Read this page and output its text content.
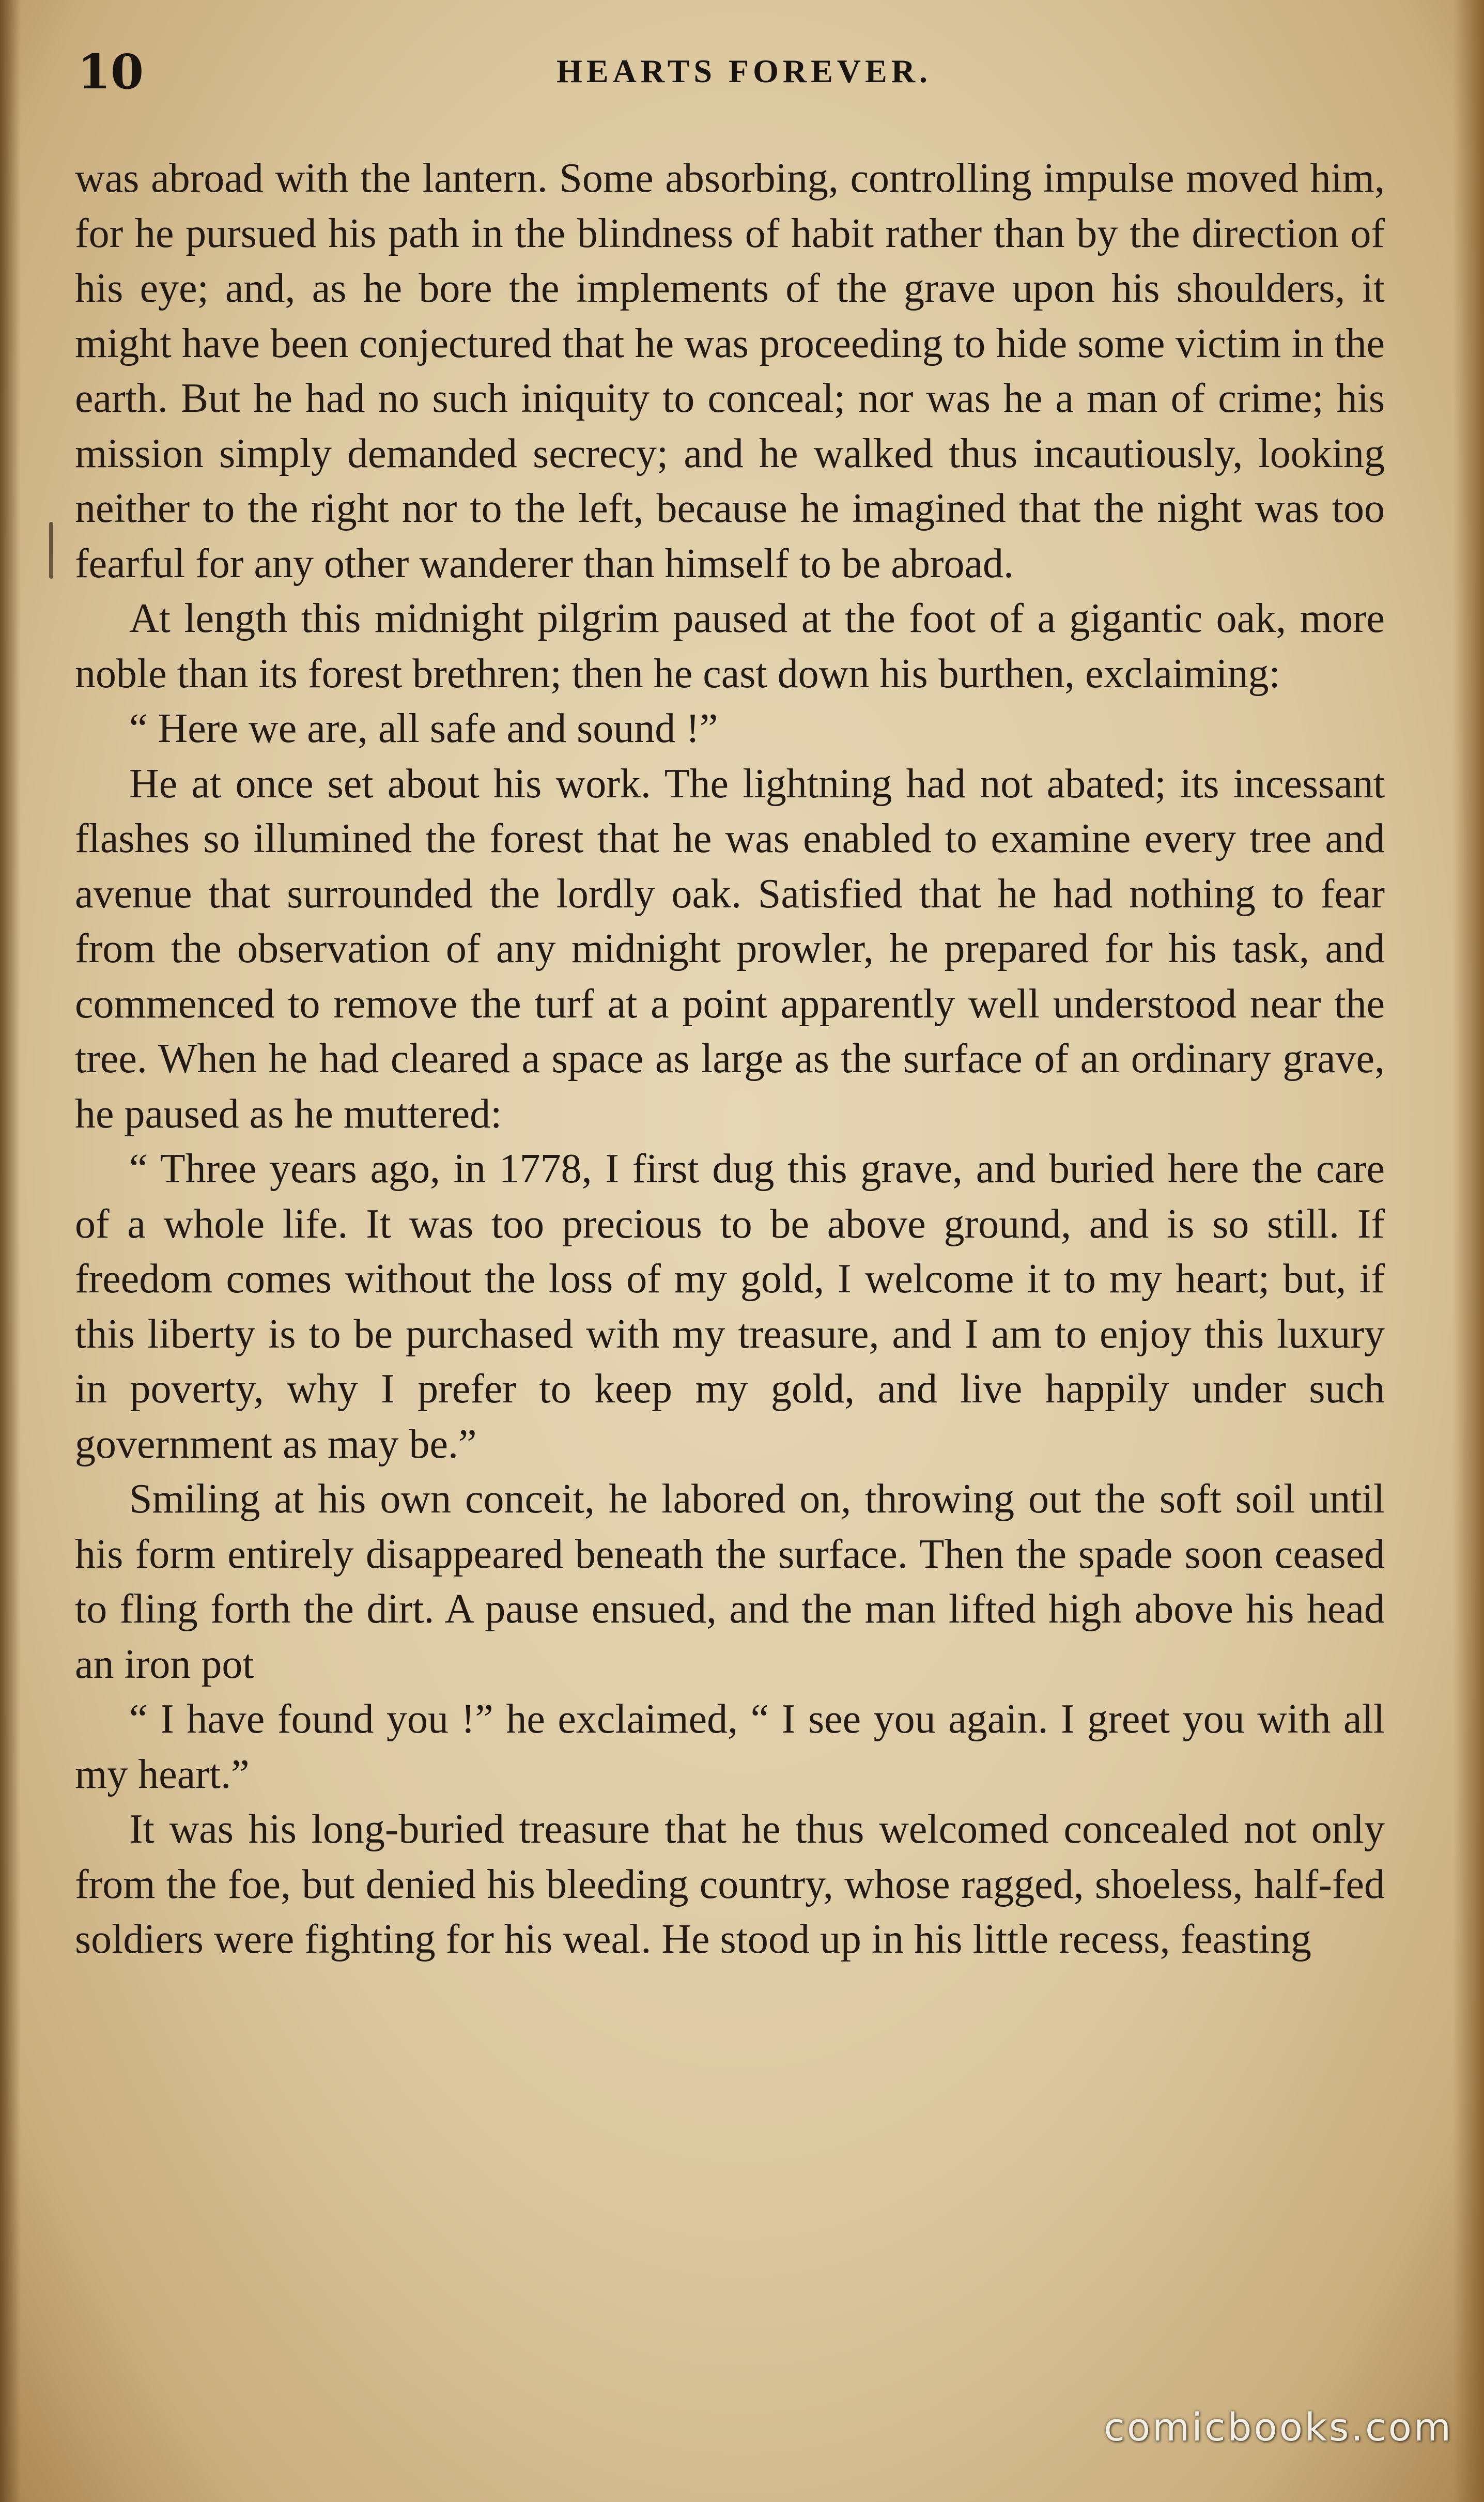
10	HEARTS FOREVER.

was abroad with the lantern. Some absorbing, controlling impulse moved him, for he pursued his path in the blindness of habit rather than by the direction of his eye; and, as he bore the implements of the grave upon his shoulders, it might have been conjectured that he was proceeding to hide some victim in the earth. But he had no such iniquity to conceal; nor was he a man of crime; his mission simply demanded secrecy; and he walked thus incautiously, looking neither to the right nor to the left, because he imagined that the night was too fearful for any other wanderer than himself to be abroad.

At length this midnight pilgrim paused at the foot of a gigantic oak, more noble than its forest brethren; then he cast down his burthen, exclaiming:

“ Here we are, all safe and sound !”

He at once set about his work. The lightning had not abated; its incessant flashes so illumined the forest that he was enabled to examine every tree and avenue that surrounded the lordly oak. Satisfied that he had nothing to fear from the observation of any midnight prowler, he prepared for his task, and commenced to remove the turf at a point apparently well understood near the tree. When he had cleared a space as large as the surface of an ordinary grave, he paused as he muttered:

“ Three years ago, in 1778, I first dug this grave, and buried here the care of a whole life. It was too precious to be above ground, and is so still. If freedom comes without the loss of my gold, I welcome it to my heart; but, if this liberty is to be purchased with my treasure, and I am to enjoy this luxury in poverty, why I prefer to keep my gold, and live happily under such government as may be.”

Smiling at his own conceit, he labored on, throwing out the soft soil until his form entirely disappeared beneath the surface. Then the spade soon ceased to fling forth the dirt. A pause ensued, and the man lifted high above his head an iron pot

“ I have found you !” he exclaimed, “ I see you again. I greet you with all my heart.”

It was his long-buried treasure that he thus welcomed concealed not only from the foe, but denied his bleeding country, whose ragged, shoeless, half-fed soldiers were fighting for his weal. He stood up in his little recess, feasting

comicbooks.com
